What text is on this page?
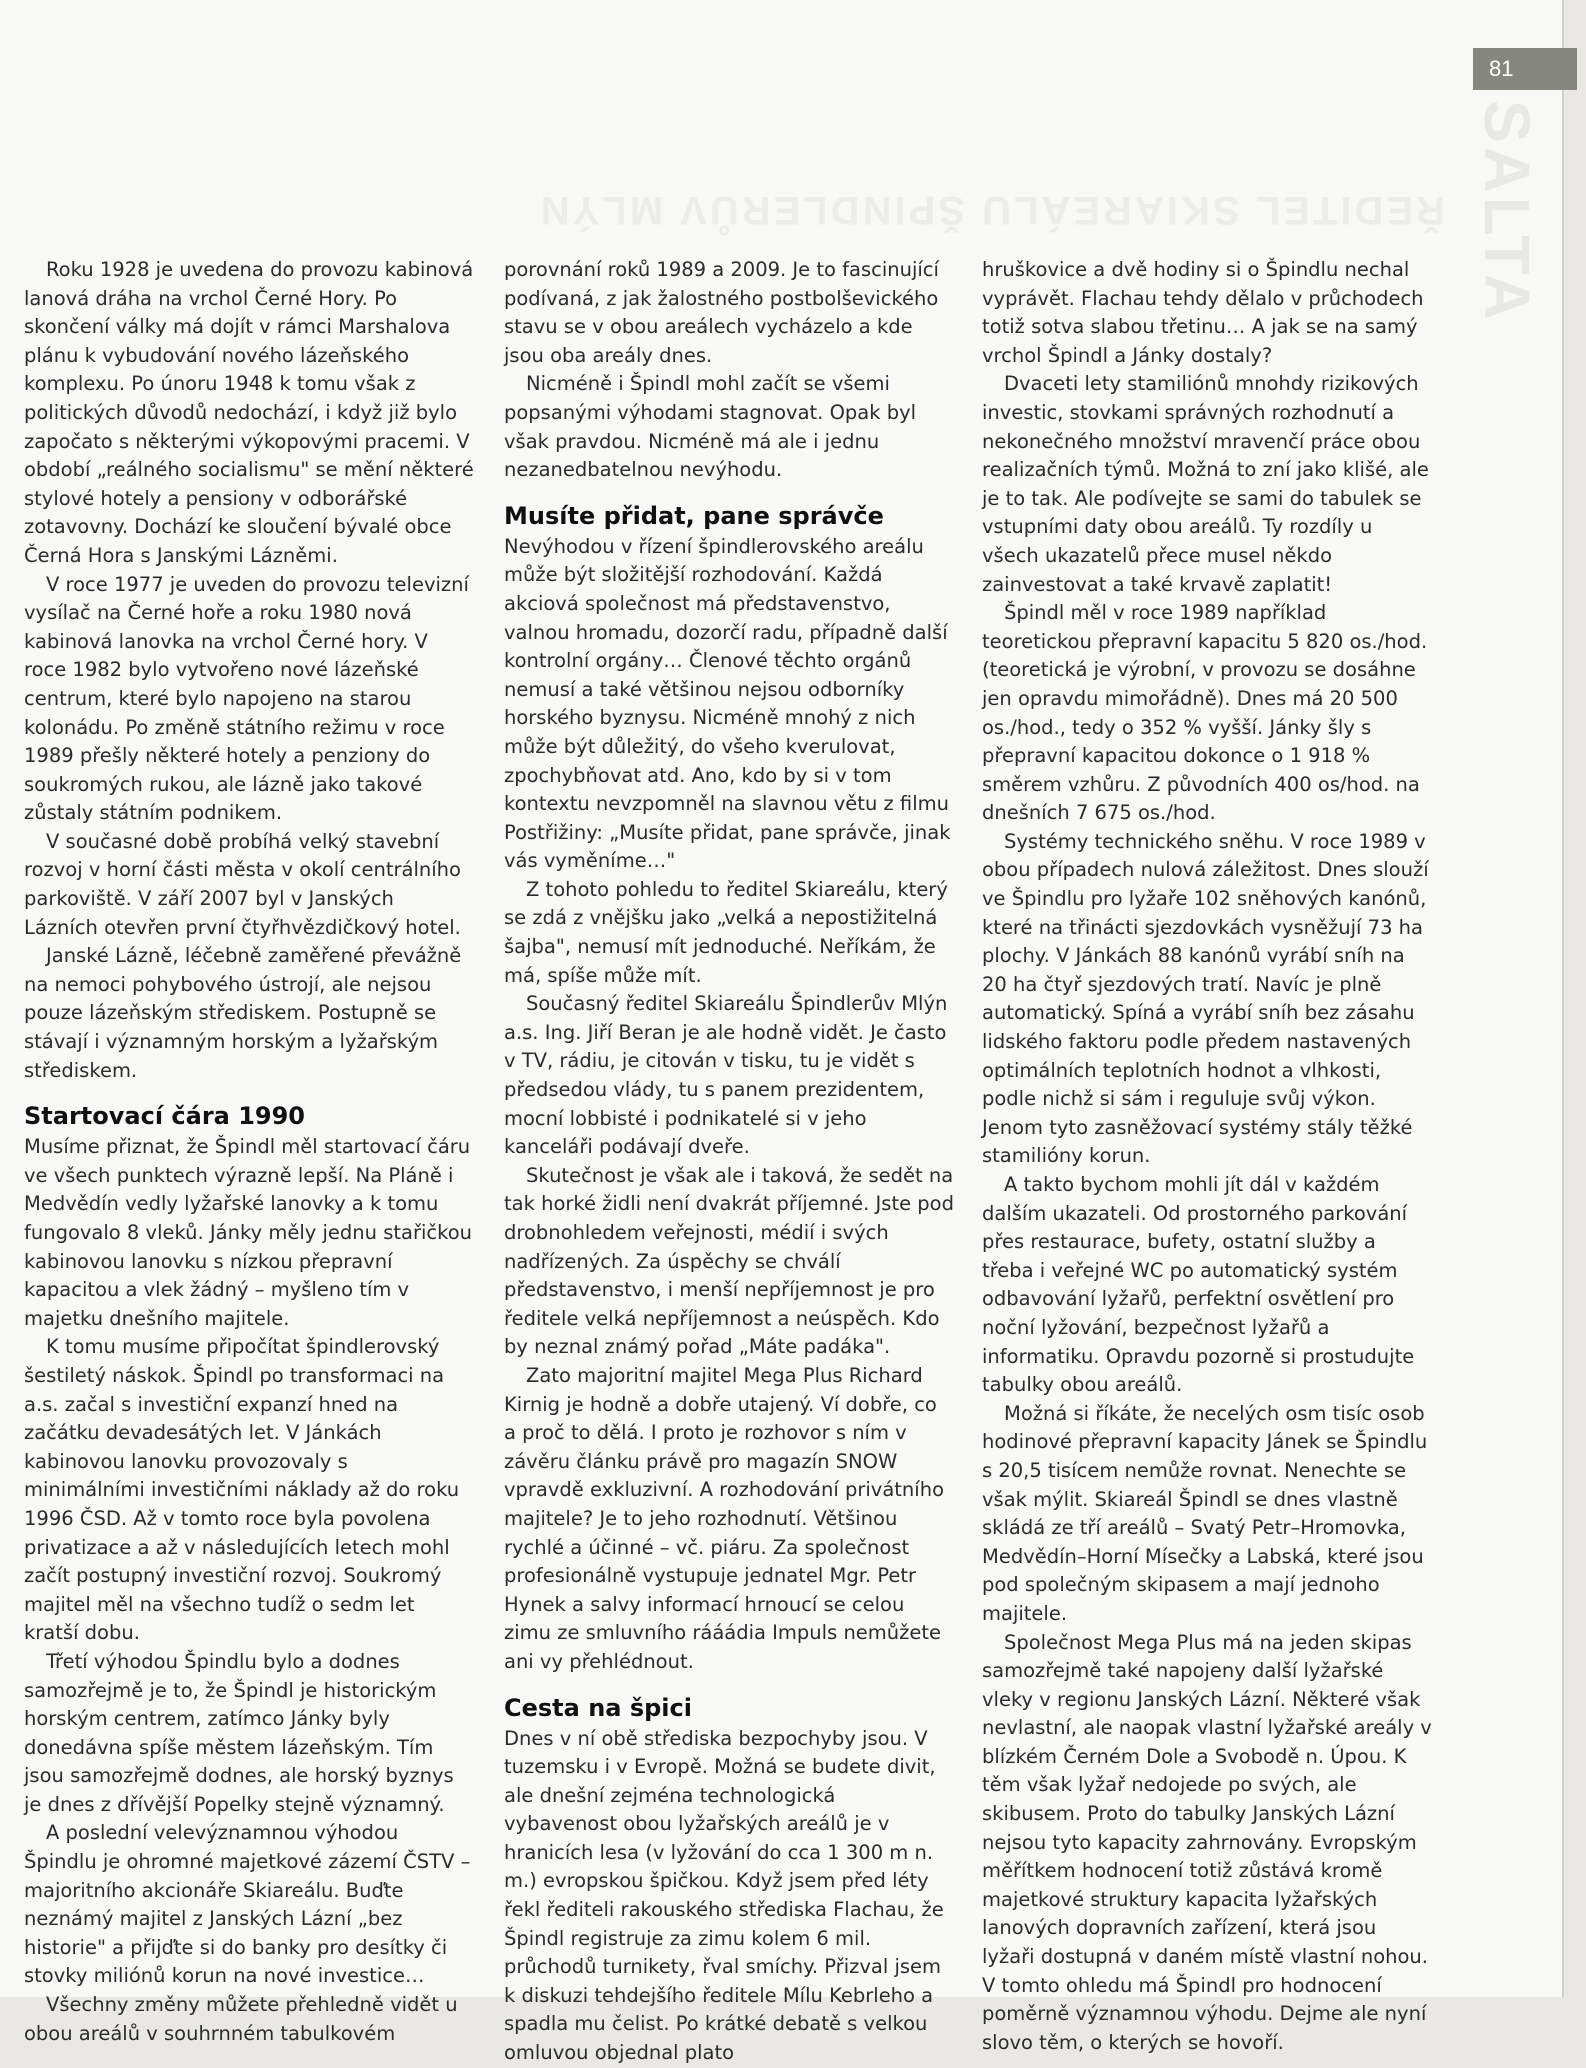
81
ŘEDITEL SKIAREÁLU ŠPINDLERŮV MLÝN SALTA

Roku 1928 je uvedena do provozu kabinová lanová dráha na vrchol Černé Hory. Po skončení války má dojít v rámci Marshalova plánu k vybudování nového lázeňského komplexu. Po únoru 1948 k tomu však z politických důvodů nedochází, i když již bylo započato s některými výkopovými pracemi. V období „reálného socialismu" se mění některé stylové hotely a pensiony v odborářské zotavovny. Dochází ke sloučení bývalé obce Černá Hora s Janskými Lázněmi.

V roce 1977 je uveden do provozu televizní vysílač na Černé hoře a roku 1980 nová kabinová lanovka na vrchol Černé hory. V roce 1982 bylo vytvořeno nové lázeňské centrum, které bylo napojeno na starou kolonádu. Po změně státního režimu v roce 1989 přešly některé hotely a penziony do soukromých rukou, ale lázně jako takové zůstaly státním podnikem.

V současné době probíhá velký stavební rozvoj v horní části města v okolí centrálního parkoviště. V září 2007 byl v Janských Lázních otevřen první čtyřhvězdičkový hotel.

Janské Lázně, léčebně zaměřené převážně na nemoci pohybového ústrojí, ale nejsou pouze lázeňským střediskem. Postupně se stávají i významným horským a lyžařským střediskem.

Startovací čára 1990

Musíme přiznat, že Špindl měl startovací čáru ve všech punktech výrazně lepší. Na Pláně i Medvědín vedly lyžařské lanovky a k tomu fungovalo 8 vleků. Jánky měly jednu stařičkou kabinovou lanovku s nízkou přepravní kapacitou a vlek žádný – myšleno tím v majetku dnešního majitele.

K tomu musíme připočítat špindlerovský šestiletý náskok. Špindl po transformaci na a.s. začal s investiční expanzí hned na začátku devadesátých let. V Jánkách kabinovou lanovku provozovaly s minimálními investičními náklady až do roku 1996 ČSD. Až v tomto roce byla povolena privatizace a až v následujících letech mohl začít postupný investiční rozvoj. Soukromý majitel měl na všechno tudíž o sedm let kratší dobu.

Třetí výhodou Špindlu bylo a dodnes samozřejmě je to, že Špindl je historickým horským centrem, zatímco Jánky byly donedávna spíše městem lázeňským. Tím jsou samozřejmě dodnes, ale horský byznys je dnes z dřívější Popelky stejně významný.

A poslední velevýznamnou výhodou Špindlu je ohromné majetkové zázemí ČSTV – majoritního akcionáře Skiareálu. Buďte neznámý majitel z Janských Lázní „bez historie" a přijďte si do banky pro desítky či stovky miliónů korun na nové investice…

Všechny změny můžete přehledně vidět u obou areálů v souhrnném tabulkovém

porovnání roků 1989 a 2009. Je to fascinující podívaná, z jak žalostného postbolševického stavu se v obou areálech vycházelo a kde jsou oba areály dnes.

Nicméně i Špindl mohl začít se všemi popsanými výhodami stagnovat. Opak byl však pravdou. Nicméně má ale i jednu nezanedbatelnou nevýhodu.

Musíte přidat, pane správče

Nevýhodou v řízení špindlerovského areálu může být složitější rozhodování. Každá akciová společnost má představenstvo, valnou hromadu, dozorčí radu, případně další kontrolní orgány… Členové těchto orgánů nemusí a také většinou nejsou odborníky horského byznysu. Nicméně mnohý z nich může být důležitý, do všeho kverulovat, zpochybňovat atd. Ano, kdo by si v tom kontextu nevzpomněl na slavnou větu z filmu Postřižiny: „Musíte přidat, pane správče, jinak vás vyměníme…"

Z tohoto pohledu to ředitel Skiareálu, který se zdá z vnějšku jako „velká a nepostižitelná šajba", nemusí mít jednoduché. Neříkám, že má, spíše může mít.

Současný ředitel Skiareálu Špindlerův Mlýn a.s. Ing. Jiří Beran je ale hodně vidět. Je často v TV, rádiu, je citován v tisku, tu je vidět s předsedou vlády, tu s panem prezidentem, mocní lobbisté i podnikatelé si v jeho kanceláři podávají dveře.

Skutečnost je však ale i taková, že sedět na tak horké židli není dvakrát příjemné. Jste pod drobnohledem veřejnosti, médií i svých nadřízených. Za úspěchy se chválí představenstvo, i menší nepříjemnost je pro ředitele velká nepříjemnost a neúspěch. Kdo by neznal známý pořad „Máte padáka".

Zato majoritní majitel Mega Plus Richard Kirnig je hodně a dobře utajený. Ví dobře, co a proč to dělá. I proto je rozhovor s ním v závěru článku právě pro magazín SNOW vpravdě exkluzivní. A rozhodování privátního majitele? Je to jeho rozhodnutí. Většinou rychlé a účinné – vč. piáru. Za společnost profesionálně vystupuje jednatel Mgr. Petr Hynek a salvy informací hrnoucí se celou zimu ze smluvního rááádia Impuls nemůžete ani vy přehlédnout.

Cesta na špici

Dnes v ní obě střediska bezpochyby jsou. V tuzemsku i v Evropě. Možná se budete divit, ale dnešní zejména technologická vybavenost obou lyžařských areálů je v hranicích lesa (v lyžování do cca 1 300 m n. m.) evropskou špičkou. Když jsem před léty řekl řediteli rakouského střediska Flachau, že Špindl registruje za zimu kolem 6 mil. průchodů turnikety, řval smíchy. Přizval jsem k diskuzi tehdejšího ředitele Mílu Kebrleho a spadla mu čelist. Po krátké debatě s velkou omluvou objednal plato

hruškovice a dvě hodiny si o Špindlu nechal vyprávět. Flachau tehdy dělalo v průchodech totiž sotva slabou třetinu… A jak se na samý vrchol Špindl a Jánky dostaly?

Dvaceti lety stamiliónů mnohdy rizikových investic, stovkami správných rozhodnutí a nekonečného množství mravenčí práce obou realizačních týmů. Možná to zní jako klišé, ale je to tak. Ale podívejte se sami do tabulek se vstupními daty obou areálů. Ty rozdíly u všech ukazatelů přece musel někdo zainvestovat a také krvavě zaplatit!

Špindl měl v roce 1989 například teoretickou přepravní kapacitu 5 820 os./hod. (teoretická je výrobní, v provozu se dosáhne jen opravdu mimořádně). Dnes má 20 500 os./hod., tedy o 352 % vyšší. Jánky šly s přepravní kapacitou dokonce o 1 918 % směrem vzhůru. Z původních 400 os/hod. na dnešních 7 675 os./hod.

Systémy technického sněhu. V roce 1989 v obou případech nulová záležitost. Dnes slouží ve Špindlu pro lyžaře 102 sněhových kanónů, které na třinácti sjezdovkách vysněžují 73 ha plochy. V Jánkách 88 kanónů vyrábí sníh na 20 ha čtyř sjezdových tratí. Navíc je plně automatický. Spíná a vyrábí sníh bez zásahu lidského faktoru podle předem nastavených optimálních teplotních hodnot a vlhkosti, podle nichž si sám i reguluje svůj výkon. Jenom tyto zasněžovací systémy stály těžké stamilióny korun.

A takto bychom mohli jít dál v každém dalším ukazateli. Od prostorného parkování přes restaurace, bufety, ostatní služby a třeba i veřejné WC po automatický systém odbavování lyžařů, perfektní osvětlení pro noční lyžování, bezpečnost lyžařů a informatiku. Opravdu pozorně si prostudujte tabulky obou areálů.

Možná si říkáte, že necelých osm tisíc osob hodinové přepravní kapacity Jánek se Špindlu s 20,5 tisícem nemůže rovnat. Nenechte se však mýlit. Skiareál Špindl se dnes vlastně skládá ze tří areálů – Svatý Petr–Hromovka, Medvědín–Horní Mísečky a Labská, které jsou pod společným skipasem a mají jednoho majitele.

Společnost Mega Plus má na jeden skipas samozřejmě také napojeny další lyžařské vleky v regionu Janských Lázní. Některé však nevlastní, ale naopak vlastní lyžařské areály v blízkém Černém Dole a Svobodě n. Úpou. K těm však lyžař nedojede po svých, ale skibusem. Proto do tabulky Janských Lázní nejsou tyto kapacity zahrnovány. Evropským měřítkem hodnocení totiž zůstává kromě majetkové struktury kapacita lyžařských lanových dopravních zařízení, která jsou lyžaři dostupná v daném místě vlastní nohou. V tomto ohledu má Špindl pro hodnocení poměrně významnou výhodu. Dejme ale nyní slovo těm, o kterých se hovoří.
